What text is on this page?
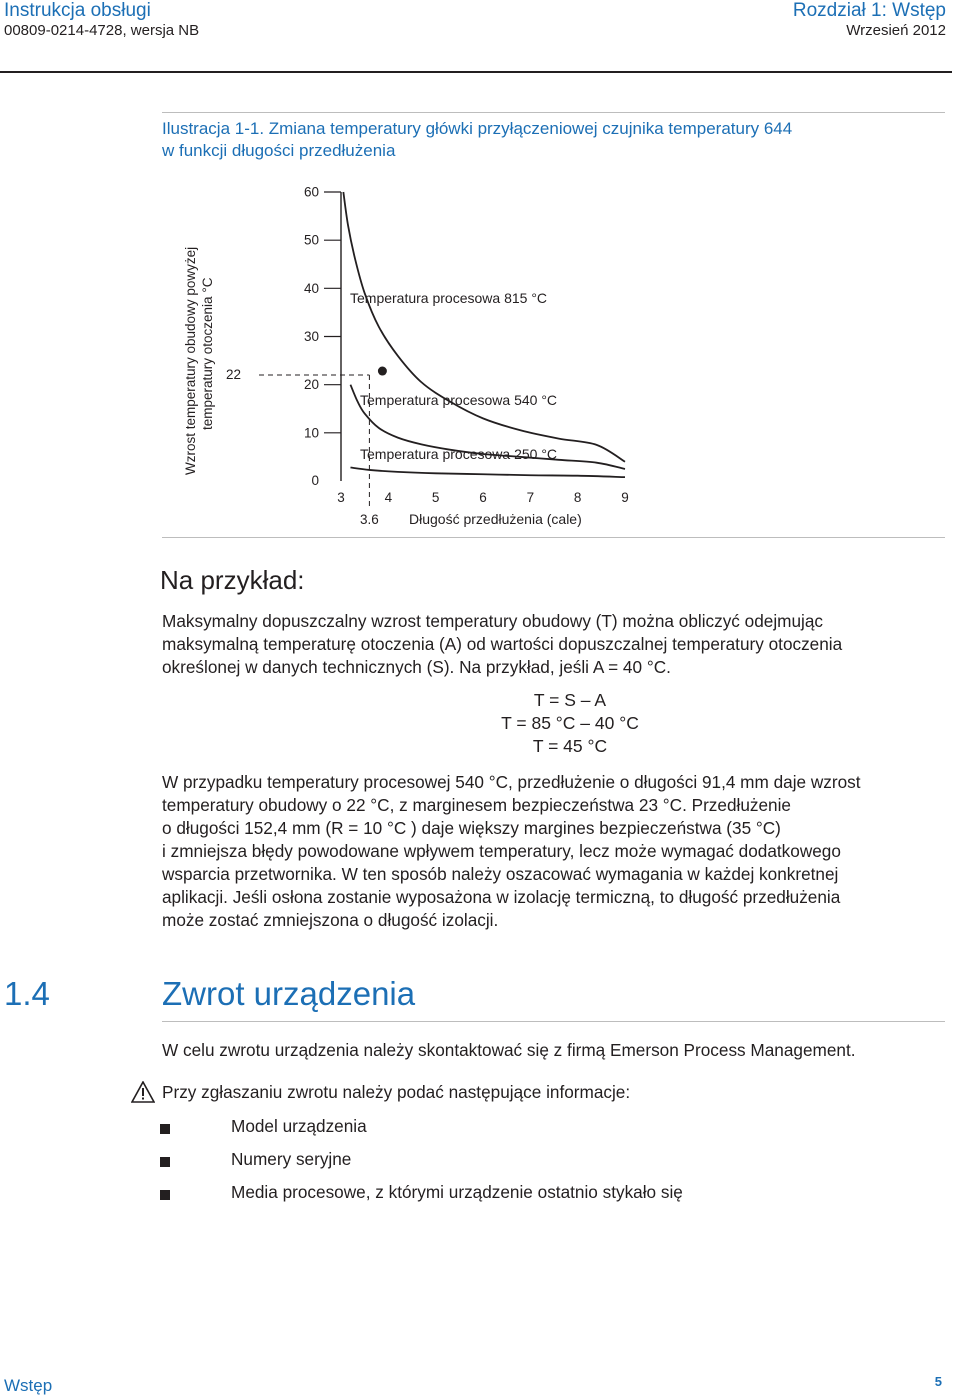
Instrukcja obsługi
00809-0214-4728, wersja NB
Rozdział 1: Wstęp
Wrzesień 2012
Ilustracja 1-1. Zmiana temperatury główki przyłączeniowej czujnika temperatury 644
w funkcji długości przedłużenia
Wzrost temperatury obudowy powyżej temperatury otoczenia °C
0
10
20
30
40
50
60
3	4	5	6	7	8	9
22
3.6
Temperatura procesowa 815 °C
Temperatura procesowa 540 °C
Temperatura procesowa 250 °C
Długość przedłużenia (cale)
Na przykład:
Maksymalny dopuszczalny wzrost temperatury obudowy (T) można obliczyć odejmując
maksymalną temperaturę otoczenia (A) od wartości dopuszczalnej temperatury otoczenia
określonej w danych technicznych (S). Na przykład, jeśli A = 40 °C.
T = S – A
T = 85 °C – 40 °C
T = 45 °C
W przypadku temperatury procesowej 540 °C, przedłużenie o długości 91,4 mm daje wzrost
temperatury obudowy o 22 °C, z marginesem bezpieczeństwa 23 °C. Przedłużenie
o długości 152,4 mm (R = 10 °C ) daje większy margines bezpieczeństwa (35 °C)
i zmniejsza błędy powodowane wpływem temperatury, lecz może wymagać dodatkowego
wsparcia przetwornika. W ten sposób należy oszacować wymagania w każdej konkretnej
aplikacji. Jeśli osłona zostanie wyposażona w izolację termiczną, to długość przedłużenia
może zostać zmniejszona o długość izolacji.
1.4	Zwrot urządzenia
W celu zwrotu urządzenia należy skontaktować się z firmą Emerson Process Management.
Przy zgłaszaniu zwrotu należy podać następujące informacje:
Model urządzenia
Numery seryjne
Media procesowe, z którymi urządzenie ostatnio stykało się
Wstęp	5
